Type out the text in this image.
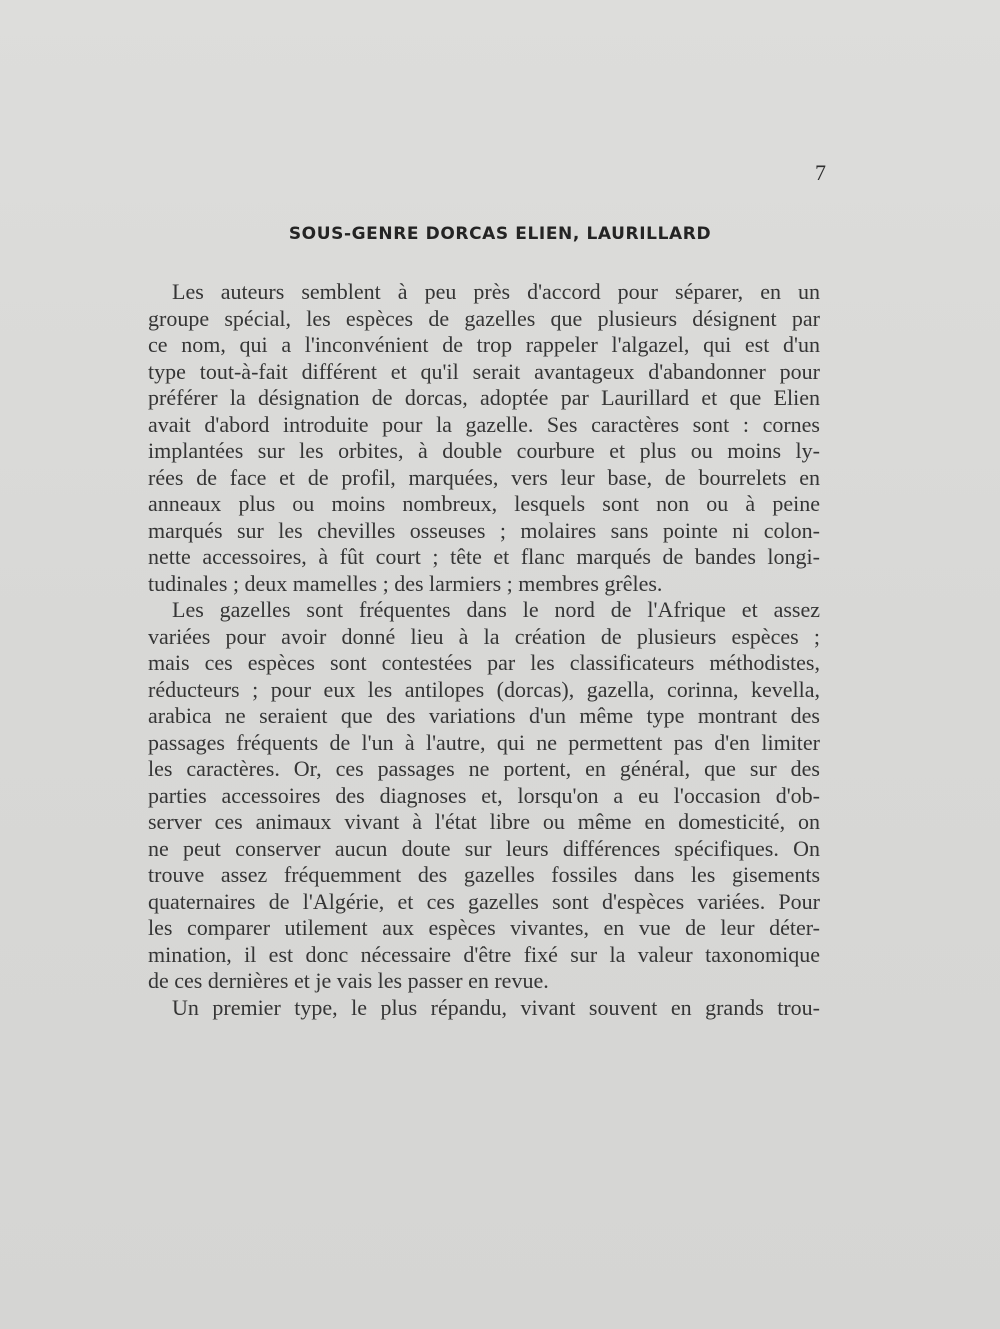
7
SOUS-GENRE DORCAS ELIEN, LAURILLARD
Les auteurs semblent à peu près d'accord pour séparer, en un
groupe spécial, les espèces de gazelles que plusieurs désignent par
ce nom, qui a l'inconvénient de trop rappeler l'algazel, qui est d'un
type tout-à-fait différent et qu'il serait avantageux d'abandonner pour
préférer la désignation de dorcas, adoptée par Laurillard et que Elien
avait d'abord introduite pour la gazelle. Ses caractères sont : cornes
implantées sur les orbites, à double courbure et plus ou moins ly-
rées de face et de profil, marquées, vers leur base, de bourrelets en
anneaux plus ou moins nombreux, lesquels sont non ou à peine
marqués sur les chevilles osseuses ; molaires sans pointe ni colon-
nette accessoires, à fût court ; tête et flanc marqués de bandes longi-
tudinales ; deux mamelles ; des larmiers ; membres grêles.
Les gazelles sont fréquentes dans le nord de l'Afrique et assez
variées pour avoir donné lieu à la création de plusieurs espèces ;
mais ces espèces sont contestées par les classificateurs méthodistes,
réducteurs ; pour eux les antilopes (dorcas), gazella, corinna, kevella,
arabica ne seraient que des variations d'un même type montrant des
passages fréquents de l'un à l'autre, qui ne permettent pas d'en limiter
les caractères. Or, ces passages ne portent, en général, que sur des
parties accessoires des diagnoses et, lorsqu'on a eu l'occasion d'ob-
server ces animaux vivant à l'état libre ou même en domesticité, on
ne peut conserver aucun doute sur leurs différences spécifiques. On
trouve assez fréquemment des gazelles fossiles dans les gisements
quaternaires de l'Algérie, et ces gazelles sont d'espèces variées. Pour
les comparer utilement aux espèces vivantes, en vue de leur déter-
mination, il est donc nécessaire d'être fixé sur la valeur taxonomique
de ces dernières et je vais les passer en revue.
Un premier type, le plus répandu, vivant souvent en grands trou-
